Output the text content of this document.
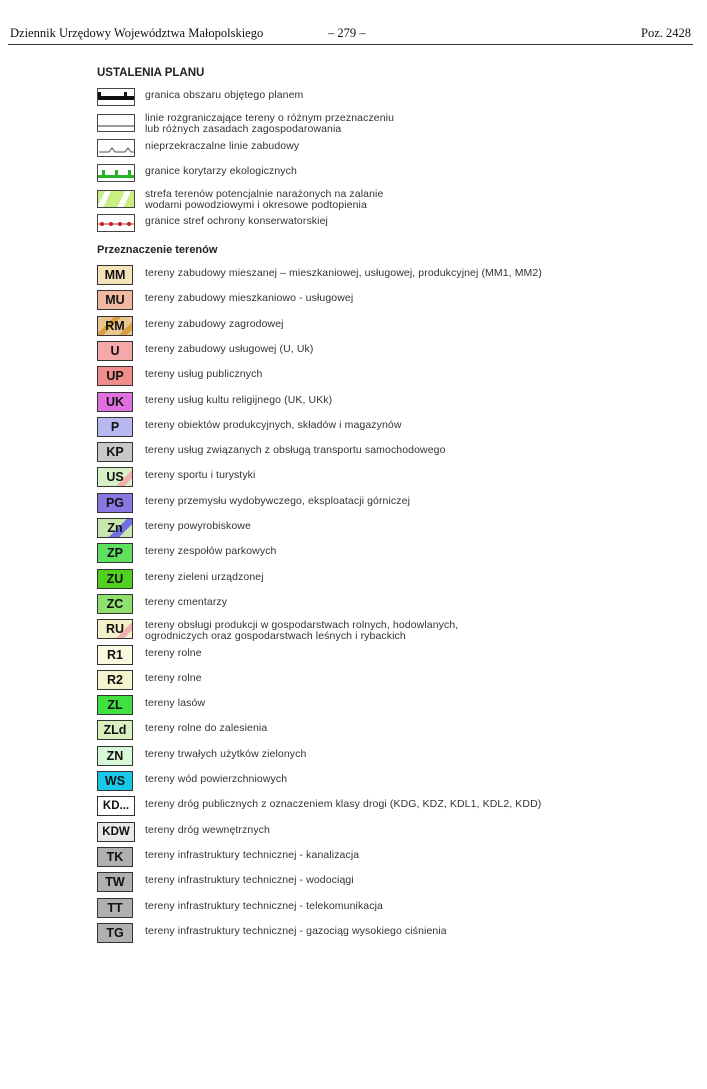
Dziennik Urzędowy Województwa Małopolskiego	– 279 –	Poz. 2428
USTALENIA PLANU
granica obszaru objętego planem
linie rozgraniczające tereny o różnym przeznaczeniu
lub różnych zasadach zagospodarowania
nieprzekraczalne linie zabudowy
granice korytarzy ekologicznych
strefa terenów potencjalnie narażonych na zalanie
wodami powodziowymi i okresowe podtopienia
granice stref ochrony konserwatorskiej
Przeznaczenie terenów
MM	tereny zabudowy mieszanej – mieszkaniowej, usługowej, produkcyjnej (MM1, MM2)
MU	tereny zabudowy mieszkaniowo - usługowej
RM	tereny zabudowy zagrodowej
U	tereny zabudowy usługowej (U, Uk)
UP	tereny usług publicznych
UK	tereny usług kultu religijnego (UK, UKk)
P	tereny obiektów produkcyjnych, składów i magazynów
KP	tereny usług związanych z obsługą transportu samochodowego
US	tereny sportu i turystyki
PG	tereny przemysłu wydobywczego, eksploatacji górniczej
Zn	tereny powyrobiskowe
ZP	tereny zespołów parkowych
ZU	tereny zieleni urządzonej
ZC	tereny cmentarzy
RU	tereny obsługi produkcji w gospodarstwach rolnych, hodowlanych,
ogrodniczych oraz gospodarstwach leśnych i rybackich
R1	tereny rolne
R2	tereny rolne
ZL	tereny lasów
ZLd	tereny rolne do zalesienia
ZN	tereny trwałych użytków zielonych
WS	tereny wód powierzchniowych
KD...	tereny dróg publicznych z oznaczeniem klasy drogi (KDG, KDZ, KDL1, KDL2, KDD)
KDW	tereny dróg wewnętrznych
TK	tereny infrastruktury technicznej - kanalizacja
TW	tereny infrastruktury technicznej - wodociągi
TT	tereny infrastruktury technicznej - telekomunikacja
TG	tereny infrastruktury technicznej - gazociąg wysokiego ciśnienia
